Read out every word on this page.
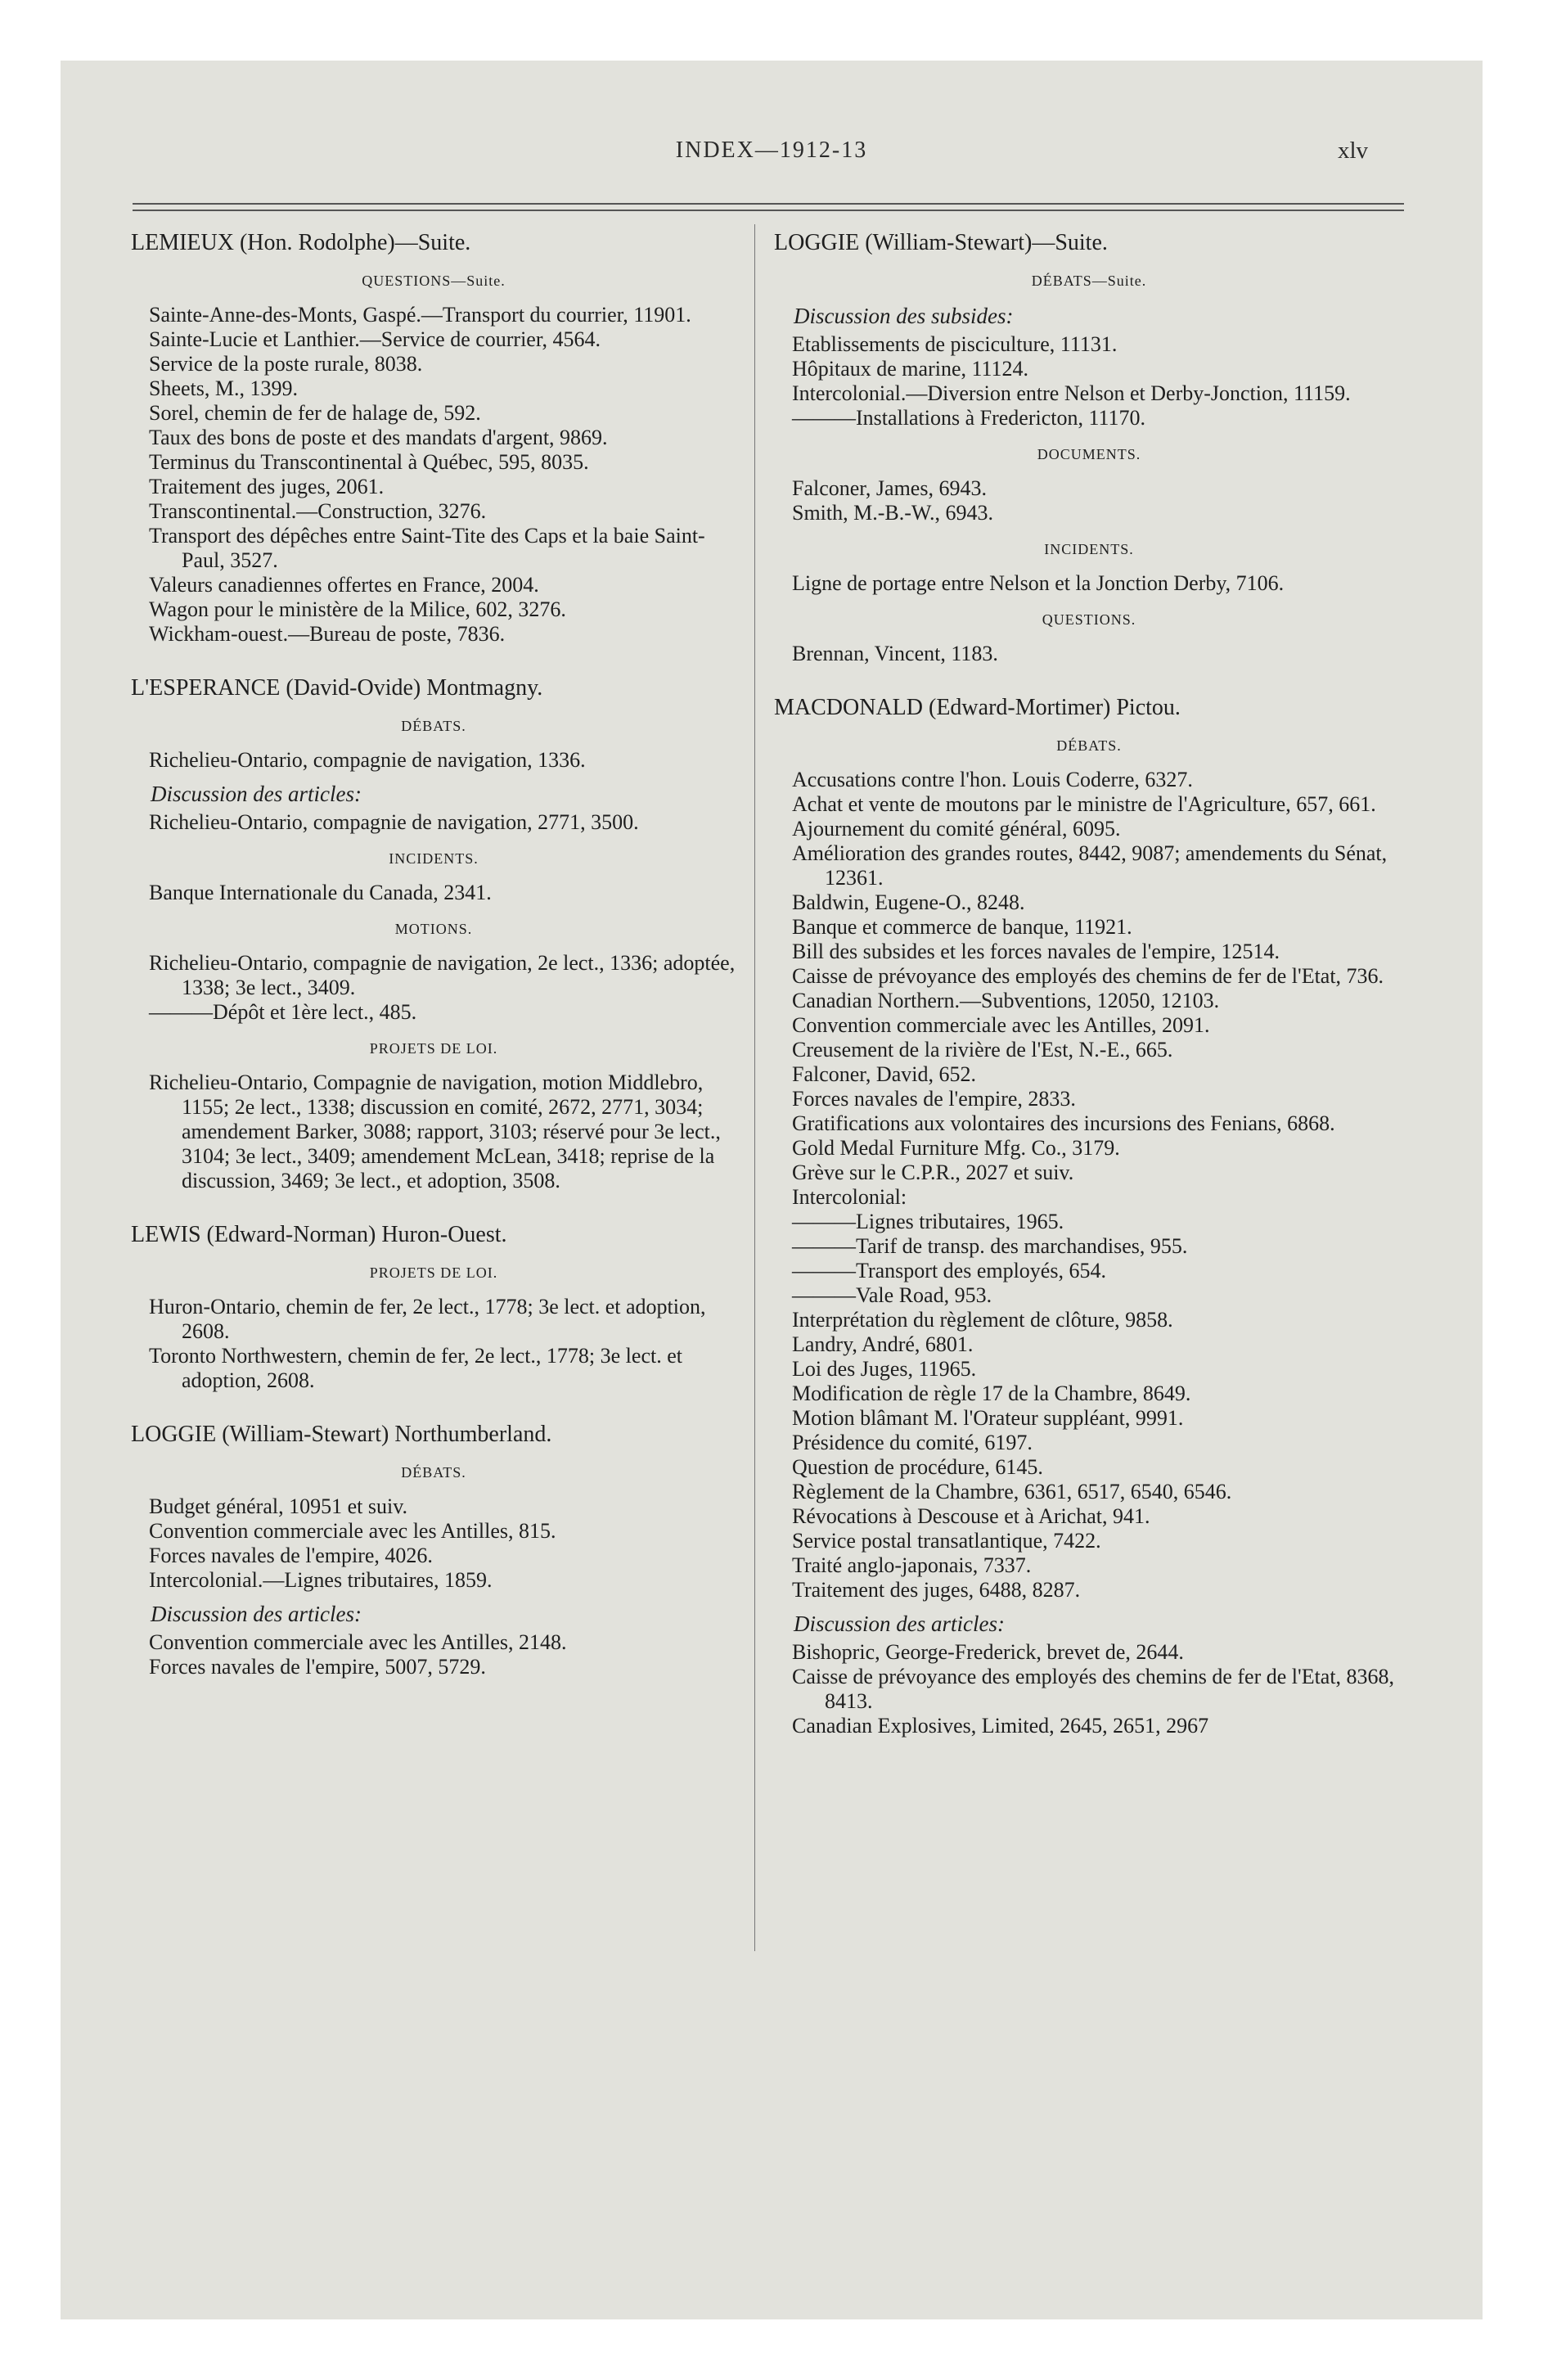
INDEX—1912-13	xlv

LEMIEUX (Hon. Rodolphe)—Suite.

QUESTIONS—Suite.

Sainte-Anne-des-Monts, Gaspé.—Transport du courrier, 11901.

Sainte-Lucie et Lanthier.—Service de courrier, 4564.

Service de la poste rurale, 8038.

Sheets, M., 1399.

Sorel, chemin de fer de halage de, 592.

Taux des bons de poste et des mandats d'argent, 9869.

Terminus du Transcontinental à Québec, 595, 8035.

Traitement des juges, 2061.

Transcontinental.—Construction, 3276.

Transport des dépêches entre Saint-Tite des Caps et la baie Saint-Paul, 3527.

Valeurs canadiennes offertes en France, 2004.

Wagon pour le ministère de la Milice, 602, 3276.

Wickham-ouest.—Bureau de poste, 7836.

L'ESPERANCE (David-Ovide) Montmagny.

DÉBATS.

Richelieu-Ontario, compagnie de navigation, 1336.

Discussion des articles:

Richelieu-Ontario, compagnie de navigation, 2771, 3500.

INCIDENTS.

Banque Internationale du Canada, 2341.

MOTIONS.

Richelieu-Ontario, compagnie de navigation, 2e lect., 1336; adoptée, 1338; 3e lect., 3409.

———Dépôt et 1ère lect., 485.

PROJETS DE LOI.

Richelieu-Ontario, Compagnie de navigation, motion Middlebro, 1155; 2e lect., 1338; discussion en comité, 2672, 2771, 3034; amendement Barker, 3088; rapport, 3103; réservé pour 3e lect., 3104; 3e lect., 3409; amendement McLean, 3418; reprise de la discussion, 3469; 3e lect., et adoption, 3508.

LEWIS (Edward-Norman) Huron-Ouest.

PROJETS DE LOI.

Huron-Ontario, chemin de fer, 2e lect., 1778; 3e lect. et adoption, 2608.

Toronto Northwestern, chemin de fer, 2e lect., 1778; 3e lect. et adoption, 2608.

LOGGIE (William-Stewart) Northumberland.

DÉBATS.

Budget général, 10951 et suiv.

Convention commerciale avec les Antilles, 815.

Forces navales de l'empire, 4026.

Intercolonial.—Lignes tributaires, 1859.

Discussion des articles:

Convention commerciale avec les Antilles, 2148.

Forces navales de l'empire, 5007, 5729.

LOGGIE (William-Stewart)—Suite.

DÉBATS—Suite.

Discussion des subsides:

Etablissements de pisciculture, 11131.

Hôpitaux de marine, 11124.

Intercolonial.—Diversion entre Nelson et Derby-Jonction, 11159.

———Installations à Fredericton, 11170.

DOCUMENTS.

Falconer, James, 6943.

Smith, M.-B.-W., 6943.

INCIDENTS.

Ligne de portage entre Nelson et la Jonction Derby, 7106.

QUESTIONS.

Brennan, Vincent, 1183.

MACDONALD (Edward-Mortimer) Pictou.

DÉBATS.

Accusations contre l'hon. Louis Coderre, 6327.

Achat et vente de moutons par le ministre de l'Agriculture, 657, 661.

Ajournement du comité général, 6095.

Amélioration des grandes routes, 8442, 9087; amendements du Sénat, 12361.

Baldwin, Eugene-O., 8248.

Banque et commerce de banque, 11921.

Bill des subsides et les forces navales de l'empire, 12514.

Caisse de prévoyance des employés des chemins de fer de l'Etat, 736.

Canadian Northern.—Subventions, 12050, 12103.

Convention commerciale avec les Antilles, 2091.

Creusement de la rivière de l'Est, N.-E., 665.

Falconer, David, 652.

Forces navales de l'empire, 2833.

Gratifications aux volontaires des incursions des Fenians, 6868.

Gold Medal Furniture Mfg. Co., 3179.

Grève sur le C.P.R., 2027 et suiv.

Intercolonial:

———Lignes tributaires, 1965.

———Tarif de transp. des marchandises, 955.

———Transport des employés, 654.

———Vale Road, 953.

Interprétation du règlement de clôture, 9858.

Landry, André, 6801.

Loi des Juges, 11965.

Modification de règle 17 de la Chambre, 8649.

Motion blâmant M. l'Orateur suppléant, 9991.

Présidence du comité, 6197.

Question de procédure, 6145.

Règlement de la Chambre, 6361, 6517, 6540, 6546.

Révocations à Descouse et à Arichat, 941.

Service postal transatlantique, 7422.

Traité anglo-japonais, 7337.

Traitement des juges, 6488, 8287.

Discussion des articles:

Bishopric, George-Frederick, brevet de, 2644.

Caisse de prévoyance des employés des chemins de fer de l'Etat, 8368, 8413.

Canadian Explosives, Limited, 2645, 2651, 2967
